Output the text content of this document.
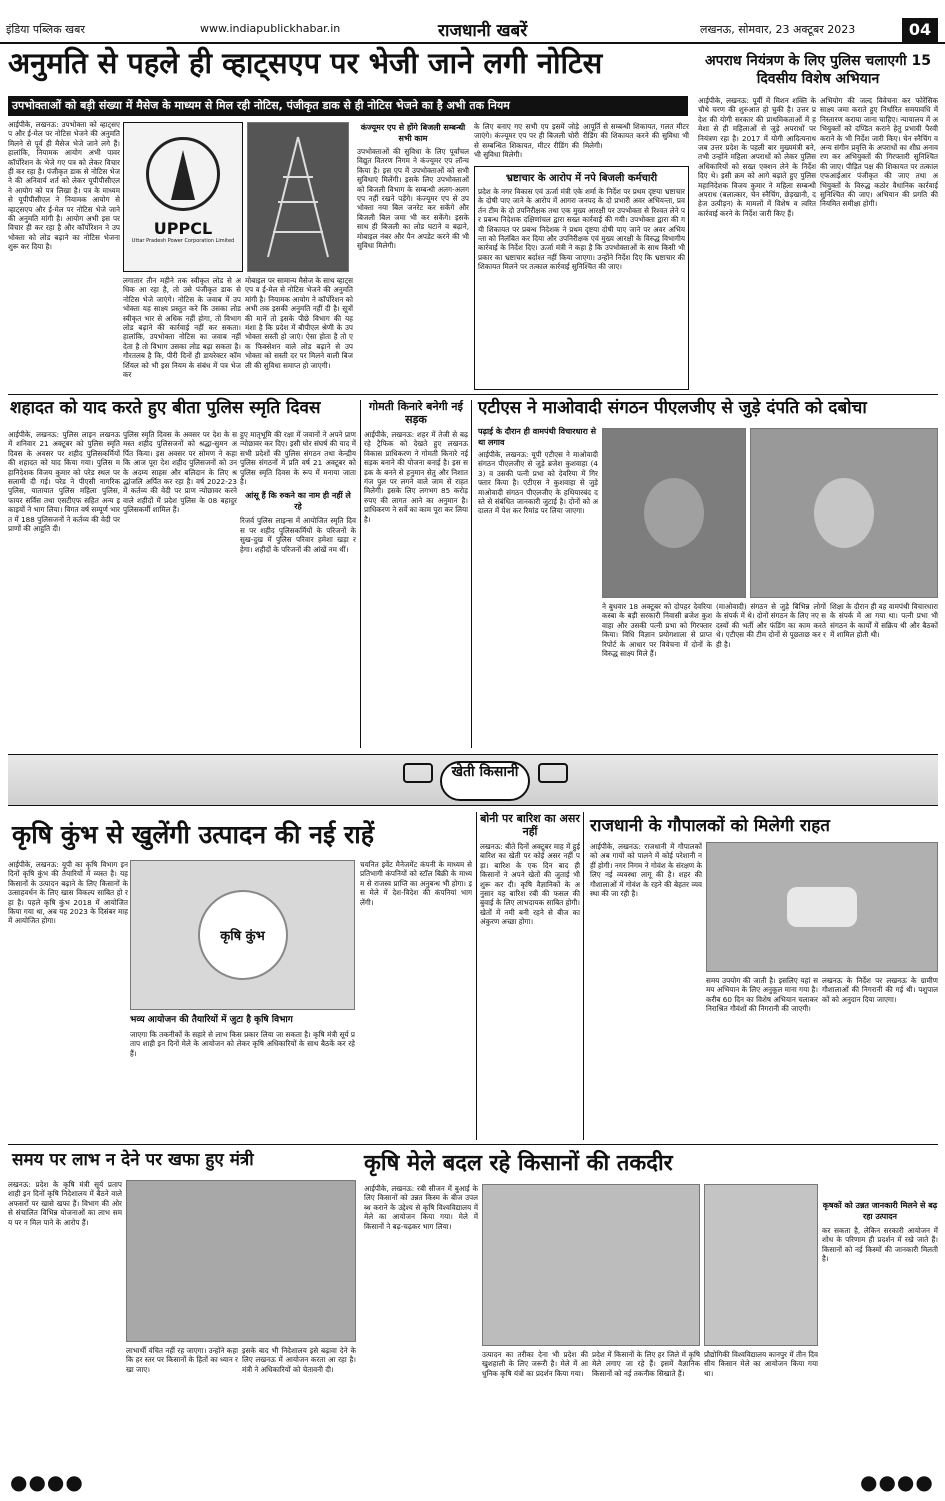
इंडिया पब्लिक खबर	www.indiapublickhabar.in	राजधानी खबरें	लखनऊ, सोमवार, 23 अक्टूबर 2023	04
अनुमति से पहले ही व्हाट्सएप पर भेजी जाने लगी नोटिस
उपभोक्ताओं को बड़ी संख्या में मैसेज के माध्यम से मिल रही नोटिस, पंजीकृत डाक से ही नोटिस भेजने का है अभी तक नियम

आईपीके, लखनऊ: उपभोक्ता को व्हाट्सएप और ई-मेल पर नोटिस भेजने की अनुमति मिलने से पूर्व ही मैसेज भेजे जाने लगे हैं। हालांकि, नियामक आयोग अभी पावर कॉर्पोरेशन के भेजे गए पत्र को लेकर विचार ही कर रहा है। पंजीकृत डाक से नोटिस भेजने की अनिवार्य शर्त को लेकर यूपीपीसीएल ने आयोग को पत्र लिखा है। पत्र के माध्यम से यूपीपीसीएल ने नियामक आयोग से व्हाट्सएप और ई-मेल पर नोटिस भेजे जाने की अनुमति मांगी है। आयोग अभी इस पर विचार ही कर रहा है और कॉर्पोरेशन ने उपभोक्ता को लोड बढ़ाने का नोटिस भेजना शुरू कर दिया है।

UPPCL
Uttar Pradesh Power Corporation Limited

लगातार तीन महीने तक स्वीकृत लोड से अधिक आ रहा है, तो उसे पंजीकृत डाक से नोटिस भेजे जाएंगे। नोटिस के जवाब में उपभोक्ता यह साक्ष्य प्रस्तुत करे कि उसका लोड स्वीकृत भार से अधिक नहीं होगा, तो विभाग लोड बढ़ाने की कार्रवाई नहीं कर सकता। हालांकि, उपभोक्ता नोटिस का जवाब नहीं देता है तो विभाग उसका लोड बढ़ा सकता है। गौरतलब है कि, पीरी दिनों ही डायरेक्टर कॉमर्शियल को भी इस नियम के संबंध में पत्र भेजकर

मोबाइल पर सामान्य मैसेज के साथ व्हाट्सएप व ई-मेल से नोटिस भेजने की अनुमति मांगी है। नियामक आयोग ने कॉर्पोरेशन को अभी तक इसकी अनुमति नहीं दी है। सूत्रों की मानें तो इसके पीछे विभाग की यह मंशा है कि प्रदेश में बीपीएल श्रेणी के उपभोक्ता सस्ती हो जाएं। ऐसा होता है तो एक फिक्सेशन वाले लोड बढ़ाने से उपभोक्ता को सस्ती दर पर मिलने वाली बिजली की सुविधा समाप्त हो जाएगी।

कंज्यूमर एप से होंगे बिजली सम्बन्धी सभी काम

उपभोक्ताओं की सुविधा के लिए पूर्वांचल विद्युत वितरण निगम ने कंज्यूमर एप लॉन्च किया है। इस एप में उपभोक्ताओं को सभी सुविधाएं मिलेंगी। इसके लिए उपभोक्ताओं को बिजली विभाग के सम्बन्धी अलग-अलग एप नहीं रखने पड़ेंगे। कंज्यूमर एप से उपभोक्ता नया बिल जनरेट कर सकेंगे और बिजली बिल जमा भी कर सकेंगे। इसके साथ ही बिजली का लोड घटाने व बढ़ाने, मोबाइल नंबर और पैन अपडेट करने की भी सुविधा मिलेगी।

के लिए बनाए गए सभी एप इसमें जोड़े जाएंगे। कंज्यूमर एप पर ही बिजली चोरी से सम्बन्धित शिकायत, मीटर रीडिंग की भी सुविधा मिलेगी।

आपूर्ति से सम्बन्धी शिकायत, गलत मीटर रीडिंग की शिकायत करने की सुविधा भी मिलेगी।

भ्रष्टाचार के आरोप में नपे बिजली कर्मचारी

प्रदेश के नगर विकास एवं ऊर्जा मंत्री एके शर्मा के निर्देश पर प्रथम दृष्टया भ्रष्टाचार के दोषी पाए जाने के आरोप में आगरा जनपद के दो प्रभारी अवर अभियन्ता, प्रवर्तन टीम के दो उपनिरीक्षक तथा एक मुख्य आरक्षी पर उपभोक्ता से रिश्वत लेने पर प्रबन्ध निदेशक दक्षिणांचल द्वारा सख्त कार्रवाई की गयी। उपभोक्ता द्वारा की गयी शिकायत पर प्रबन्ध निदेशक ने प्रथम दृष्टया दोषी पाए जाने पर अवर अभियन्ता को निलंबित कर दिया और उपनिरीक्षक एवं मुख्य आरक्षी के विरुद्ध विभागीय कार्रवाई के निर्देश दिए। ऊर्जा मंत्री ने कहा है कि उपभोक्ताओं के साथ किसी भी प्रकार का भ्रष्टाचार बर्दाश्त नहीं किया जाएगा। उन्होंने निर्देश दिए कि भ्रष्टाचार की शिकायत मिलने पर तत्काल कार्रवाई सुनिश्चित की जाए।

अपराध नियंत्रण के लिए पुलिस चलाएगी 15 दिवसीय विशेष अभियान

आईपीके, लखनऊ: पूर्वी में मिशन शक्ति के चौथे चरण की शुरुआत हो चुकी है। उत्तर प्रदेश की योगी सरकार की प्राथमिकताओं में हमेशा से ही महिलाओं से जुड़े अपराधों पर नियंत्रण रहा है। 2017 में योगी आदित्यनाथ जब उत्तर प्रदेश के पहली बार मुख्यमंत्री बने, तभी उन्होंने महिला अपराधों को लेकर पुलिस अधिकारियों को सख्त एक्शन लेने के निर्देश दिए थे। इसी क्रम को आगे बढ़ाते हुए पुलिस महानिदेशक विजय कुमार ने महिला सम्बन्धी अपराध (बलात्कार, चेन स्नैचिंग, छेड़खानी, दहेज उत्पीड़न) के मामलों में विशेष व त्वरित कार्रवाई करने के निर्देश जारी किए हैं।

अभियोग की जल्द विवेचना कर फोरेंसिक साक्ष्य जमा कराते हुए निर्धारित समयावधि में निस्तारण कराया जाना चाहिए। न्यायालय में अभियुक्तों को दण्डित कराने हेतु प्रभावी पैरवी कराने के भी निर्देश जारी किए। चेन स्नैचिंग व अन्य संगीन प्रवृत्ति के अपराधों का शीघ्र अनावरण कर अभियुक्तों की गिरफ्तारी सुनिश्चित की जाए। पीड़ित पक्ष की शिकायत पर तत्काल एफआईआर पंजीकृत की जाए तथा अभियुक्तों के विरुद्ध कठोर वैधानिक कार्रवाई सुनिश्चित की जाए। अभियान की प्रगति की नियमित समीक्षा होगी।

शहादत को याद करते हुए बीता पुलिस स्मृति दिवस

आईपीके, लखनऊ: पुलिस लाइन लखनऊ में शनिवार 21 अक्टूबर को पुलिस स्मृति दिवस के अवसर पर शहीद पुलिसकर्मियों की शहादत को याद किया गया। पुलिस महानिदेशक विजय कुमार को परेड स्थल पर सलामी दी गई। परेड ने पीएसी नागरिक पुलिस, यातायात पुलिस महिला पुलिस, फायर सर्विस तथा एसटीएफ सहित अन्य इकाइयों ने भाग लिया। विगत वर्ष सम्पूर्ण भारत में 188 पुलिसजनों ने कर्तव्य की वेदी पर प्राणों की आहुति दी।

पुलिस स्मृति दिवस के अवसर पर देश के समस्त शहीद पुलिसजनों को श्रद्धा-सुमन अर्पित किया। इस अवसर पर सोमण ने कहा कि आज पूरा देश शहीद पुलिसजनों को उनके अदम्य साहस और बलिदान के लिए श्रद्धांजलि अर्पित कर रहा है। वर्ष 2022-23 में कर्तव्य की वेदी पर प्राण न्योछावर करने वाले शहीदों में प्रदेश पुलिस के 08 बहादुर पुलिसकर्मी शामिल हैं।

हुए मातृभूमि की रक्षा में जवानों ने अपने प्राण न्योछावर कर दिए। इसी घोर संघर्ष की याद में सभी प्रदेशों की पुलिस संगठन तथा केन्द्रीय पुलिस संगठनों में प्रति वर्ष 21 अक्टूबर को पुलिस स्मृति दिवस के रूप में मनाया जाता है।

आंसू हैं कि रुकने का नाम ही नहीं ले रहे

रिजर्व पुलिस लाइन्स में आयोजित स्मृति दिवस पर शहीद पुलिसकर्मियों के परिजनों के सुख-दुख में पुलिस परिवार हमेशा खड़ा रहेगा। शहीदों के परिजनों की आंखें नम थीं।

गोमती किनारे बनेगी नई सड़क

आईपीके, लखनऊ: शहर में तेजी से बढ़ रहे ट्रैफिक को देखते हुए लखनऊ विकास प्राधिकरण ने गोमती किनारे नई सड़क बनाने की योजना बनाई है। इस सड़क के बनने से हनुमान सेतु और निशातगंज पुल पर लगने वाले जाम से राहत मिलेगी। इसके लिए लगभग 85 करोड़ रुपए की लागत आने का अनुमान है। प्राधिकरण ने सर्वे का काम पूरा कर लिया है।

एटीएस ने माओवादी संगठन पीएलजीए से जुड़े दंपति को दबोचा
पढ़ाई के दौरान ही वामपंथी विचारधारा से था लगाव

आईपीके, लखनऊ: यूपी एटीएस ने माओवादी संगठन पीएलजीए से जुड़े ब्रजेश कुशवाहा (43) व उसकी पत्नी प्रभा को देवरिया में गिरफ्तार किया है। एटीएस ने कुशवाहा से जुड़े माओवादी संगठन पीएलजीए के हथियारबंद दस्ते से संबंधित जानकारी जुटाई है। दोनों को अदालत में पेश कर रिमांड पर लिया जाएगा।

ने बुधवार 18 अक्टूबर को दोपहर देवरिया कस्बा के बड़ी सरकारी निवासी ब्रजेश कुशवाहा और उसकी पत्नी प्रभा को गिरफ्तार किया। विधि विज्ञान प्रयोगशाला से प्राप्त रिपोर्ट के आधार पर विवेचना में दोनों के विरुद्ध साक्ष्य मिले हैं।

(माओवादी) संगठन से जुड़े बिभिन्न लोगों के संपर्क में थे। दोनों संगठन के लिए नए सदस्यों की भर्ती और फंडिंग का काम करते थे। एटीएस की टीम दोनों से पूछताछ कर रही है।

शिक्षा के दौरान ही वह वामपंथी विचारधारा के संपर्क में आ गया था। पत्नी प्रभा भी संगठन के कार्यों में सक्रिय थी और बैठकों में शामिल होती थी।

खेती किसानी
कृषि कुंभ से खुलेंगी उत्पादन की नई राहें

आईपीके, लखनऊ: यूपी का कृषि विभाग इन दिनों कृषि कुंभ की तैयारियों में व्यस्त है। यह किसानों के उत्पादन बढ़ाने के लिए किसानों के उत्साहवर्धन के लिए खास विकल्प साबित हो रहा है। पहले कृषि कुंभ 2018 में आयोजित किया गया था, अब यह 2023 के दिसंबर माह में आयोजित होगा।

कृषि कुंभ
भव्य आयोजन की तैयारियों में जुटा है कृषि विभाग

जाएगा कि तकनीकों के सहारे से लाभ किस प्रकार लिया जा सकता है। कृषि मंत्री सूर्य प्रताप शाही इन दिनों मेले के आयोजन को लेकर कृषि अधिकारियों के साथ बैठकें कर रहे हैं।

चयनित इवेंट मैनेजमेंट कंपनी के माध्यम से प्रतिभागी कंपनियों को स्टॉल बिक्री के माध्यम से राजस्व प्राप्ति का अनुबन्ध भी होगा। इस मेले में देश-विदेश की कंपनियां भाग लेंगी।

बोनी पर बारिश का असर नहीं

लखनऊ: बीते दिनों अक्टूबर माह में हुई बारिश का खेती पर कोई असर नहीं पड़ा। बारिश के एक दिन बाद ही किसानों ने अपने खेतों की जुताई भी शुरू कर दी। कृषि वैज्ञानिकों के अनुसार यह बारिश रबी की फसल की बुवाई के लिए लाभदायक साबित होगी। खेतों में नमी बनी रहने से बीज का अंकुरण अच्छा होगा।

राजधानी के गौपालकों को मिलेगी राहत

आईपीके, लखनऊ: राजधानी में गौपालकों को अब गायों को पालने में कोई परेशानी नहीं होगी। नगर निगम ने गोवंश के संरक्षण के लिए नई व्यवस्था लागू की है। शहर की गौशालाओं में गोवंश के रहने की बेहतर व्यवस्था की जा रही है।

समय उपयोग की जाती है। इसलिए यहां समय अभियान के लिए अनुकूल माना गया है। करीब 60 दिन का विशेष अभियान चलाकर निराश्रित गौवंशों की निगरानी की जाएगी।

लखनऊ के निर्देश पर लखनऊ के ग्रामीण गौशालाओं की निगरानी की गई थी। पशुपालकों को अनुदान दिया जाएगा।

समय पर लाभ न देने पर खफा हुए मंत्री

लखनऊ: प्रदेश के कृषि मंत्री सूर्य प्रताप शाही इन दिनों कृषि निदेशालय में बैठने वाले अफसरों पर खासे खफा हैं। विभाग की ओर से संचालित विभिन्न योजनाओं का लाभ समय पर न मिल पाने के आरोप हैं।

लाभार्थी वंचित नहीं रह जाएगा। उन्होंने कहा कि हर स्तर पर किसानों के हितों का ध्यान रखा जाए।

इसके बाद भी निदेशालय इसे बढ़ावा देने के लिए लखनऊ में आयोजन करता आ रहा है। मंत्री ने अधिकारियों को चेतावनी दी।

कृषि मेले बदल रहे किसानों की तकदीर

आईपीके, लखनऊ: रबी सीजन में बुआई के लिए किसानों को उन्नत किस्म के बीज उपलब्ध कराने के उद्देश्य से कृषि विश्वविद्यालय में मेले का आयोजन किया गया। मेले में किसानों ने बढ़-चढ़कर भाग लिया।

उत्पादन का तरीका देना भी प्रदेश की खुशहाली के लिए जरूरी है। मेले में आधुनिक कृषि यंत्रों का प्रदर्शन किया गया।

प्रदेश में किसानों के लिए हर जिले में कृषि मेले लगाए जा रहे हैं। इसमें वैज्ञानिक किसानों को नई तकनीक सिखाते हैं।

कृषकों को उन्नत जानकारी मिलने से बढ़ रहा उत्पादन

कर सकता है, लेकिन सरकारी आयोजन में शोध के परिणाम ही प्रदर्शन में रखे जाते हैं। किसानों को नई किस्मों की जानकारी मिलती है।

प्रौद्योगिकी विश्वविद्यालय कानपुर में तीन दिवसीय किसान मेले का आयोजन किया गया था।

●●●●	●●●●
